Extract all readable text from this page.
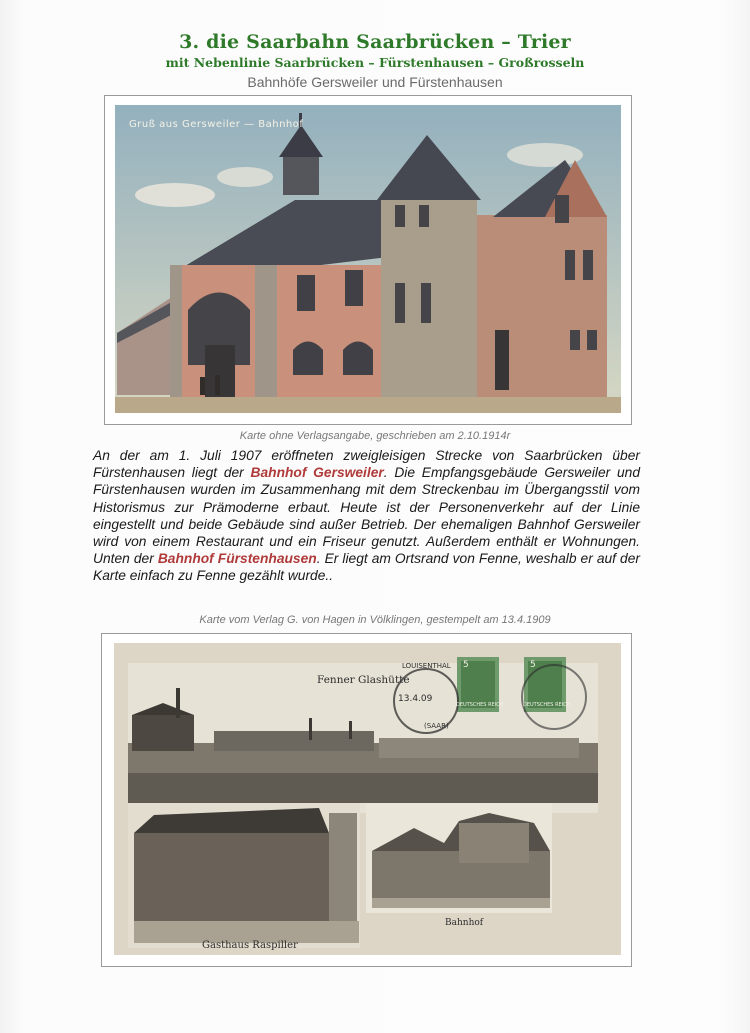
3. die Saarbahn Saarbrücken – Trier
mit Nebenlinie Saarbrücken – Fürstenhausen – Großrosseln
Bahnhöfe Gersweiler und Fürstenhausen
Gruß aus Gersweiler — Bahnhof
Karte ohne Verlagsangabe, geschrieben am 2.10.1914r
An der am 1. Juli 1907 eröffneten zweigleisigen Strecke von Saarbrücken über Fürstenhausen liegt der Bahnhof Gersweiler. Die Empfangsgebäude Gersweiler und Fürstenhausen wurden im Zusammenhang mit dem Streckenbau im Übergangsstil vom Historismus zur Prämoderne erbaut. Heute ist der Personenverkehr auf der Linie eingestellt und beide Gebäude sind außer Betrieb. Der ehemaligen Bahnhof Gersweiler wird von einem Restaurant und ein Friseur genutzt. Außerdem enthält er Wohnungen. Unten der Bahnhof Fürstenhausen. Er liegt am Ortsrand von Fenne, weshalb er auf der Karte einfach zu Fenne gezählt wurde..
Karte vom Verlag G. von Hagen in Völklingen, gestempelt am 13.4.1909
Fenner Glashütte
Gasthaus Raspiller
Bahnhof
13.4.09
LOUISENTHAL
(SAAR)
5	5
DEUTSCHES REICH	DEUTSCHES REICH
